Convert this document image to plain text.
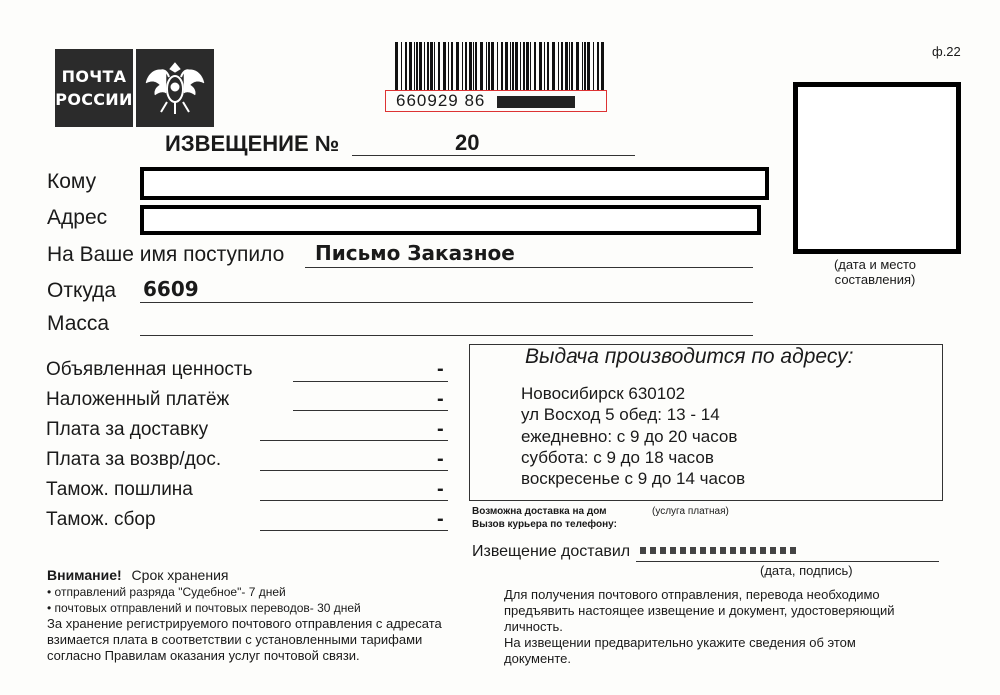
ПОЧТА
РОССИИ	660929 86
ф.22
(дата и место составления)
ИЗВЕЩЕНИЕ №	20
Кому
Адрес
На Ваше имя поступило Письмо Заказное
Откуда 6609
Масса
Объявленная ценность	-
Наложенный платёж	-
Плата за доставку	-
Плата за возвр/дос.	-
Тамож. пошлина	-
Тамож. сбор	-
Выдача производится по адресу:
Новосибирск 630102
ул Восход 5 обед: 13 - 14
ежедневно: с 9 до 20 часов
суббота: с 9 до 18 часов
воскресенье с 9 до 14 часов
Возможна доставка на дом	(услуга платная)
Вызов курьера по телефону:
Извещение доставил
(дата, подпись)
Внимание! Срок хранения
• отправлений разряда "Судебное"- 7 дней
• почтовых отправлений и почтовых переводов- 30 дней
За хранение регистрируемого почтового отправления с адресата
взимается плата в соответствии с установленными тарифами
согласно Правилам оказания услуг почтовой связи.
Для получения почтового отправления, перевода необходимо
предъявить настоящее извещение и документ, удостоверяющий
личность.
На извещении предварительно укажите сведения об этом
документе.
